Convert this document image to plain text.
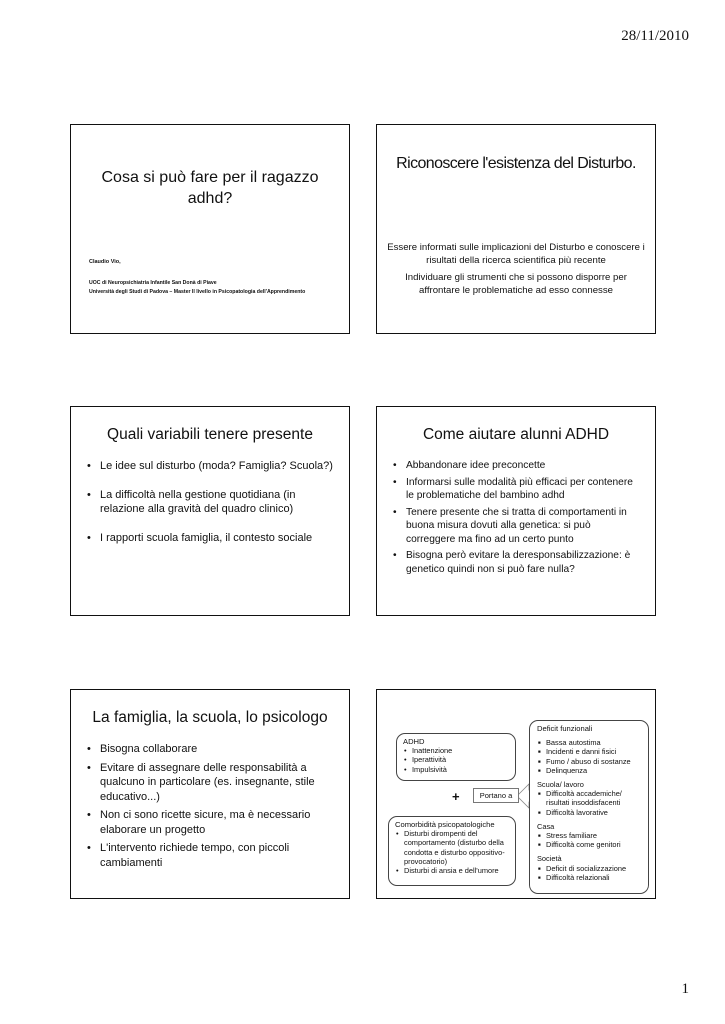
28/11/2010
Cosa si può fare per il ragazzo
adhd?
Claudio Vio,
UOC di Neuropsichiatria Infantile San Donà di Piave
Università degli Studi di Padova – Master II livello in Psicopatologia dell'Apprendimento
Riconoscere l'esistenza del Disturbo.

Essere informati sulle implicazioni del Disturbo e conoscere i risultati della ricerca scientifica più recente

Individuare gli strumenti che si possono disporre per affrontare le problematiche ad esso connesse

Quali variabili tenere presente
• Le idee sul disturbo (moda? Famiglia? Scuola?)
• La difficoltà nella gestione quotidiana (in relazione alla gravità del quadro clinico)
• I rapporti scuola famiglia, il contesto sociale
Come aiutare alunni ADHD
• Abbandonare idee preconcette
• Informarsi sulle modalità più efficaci per contenere le problematiche del bambino adhd
• Tenere presente che si tratta di comportamenti in buona misura dovuti alla genetica: si può correggere ma fino ad un certo punto
• Bisogna però evitare la deresponsabilizzazione: è genetico quindi non si può fare nulla?
La famiglia, la scuola, lo psicologo
• Bisogna collaborare
• Evitare di assegnare delle responsabilità a qualcuno in particolare (es. insegnante, stile educativo...)
• Non ci sono ricette sicure, ma è necessario elaborare un progetto
• L'intervento richiede tempo, con piccoli cambiamenti
ADHD
• Inattenzione
• Iperattività
• Impulsività
+	Portano a
Comorbidità psicopatologiche
• Disturbi dirompenti del comportamento (disturbo della condotta e disturbo oppositivo-provocatorio)
• Disturbi di ansia e dell'umore
Deficit funzionali
■ Bassa autostima
■ Incidenti e danni fisici
■ Fumo / abuso di sostanze
■ Delinquenza
Scuola/ lavoro
■ Difficoltà accademiche/ risultati insoddisfacenti
■ Difficoltà lavorative
Casa
■ Stress familiare
■ Difficoltà come genitori
Società
■ Deficit di socializzazione
■ Difficoltà relazionali
1
